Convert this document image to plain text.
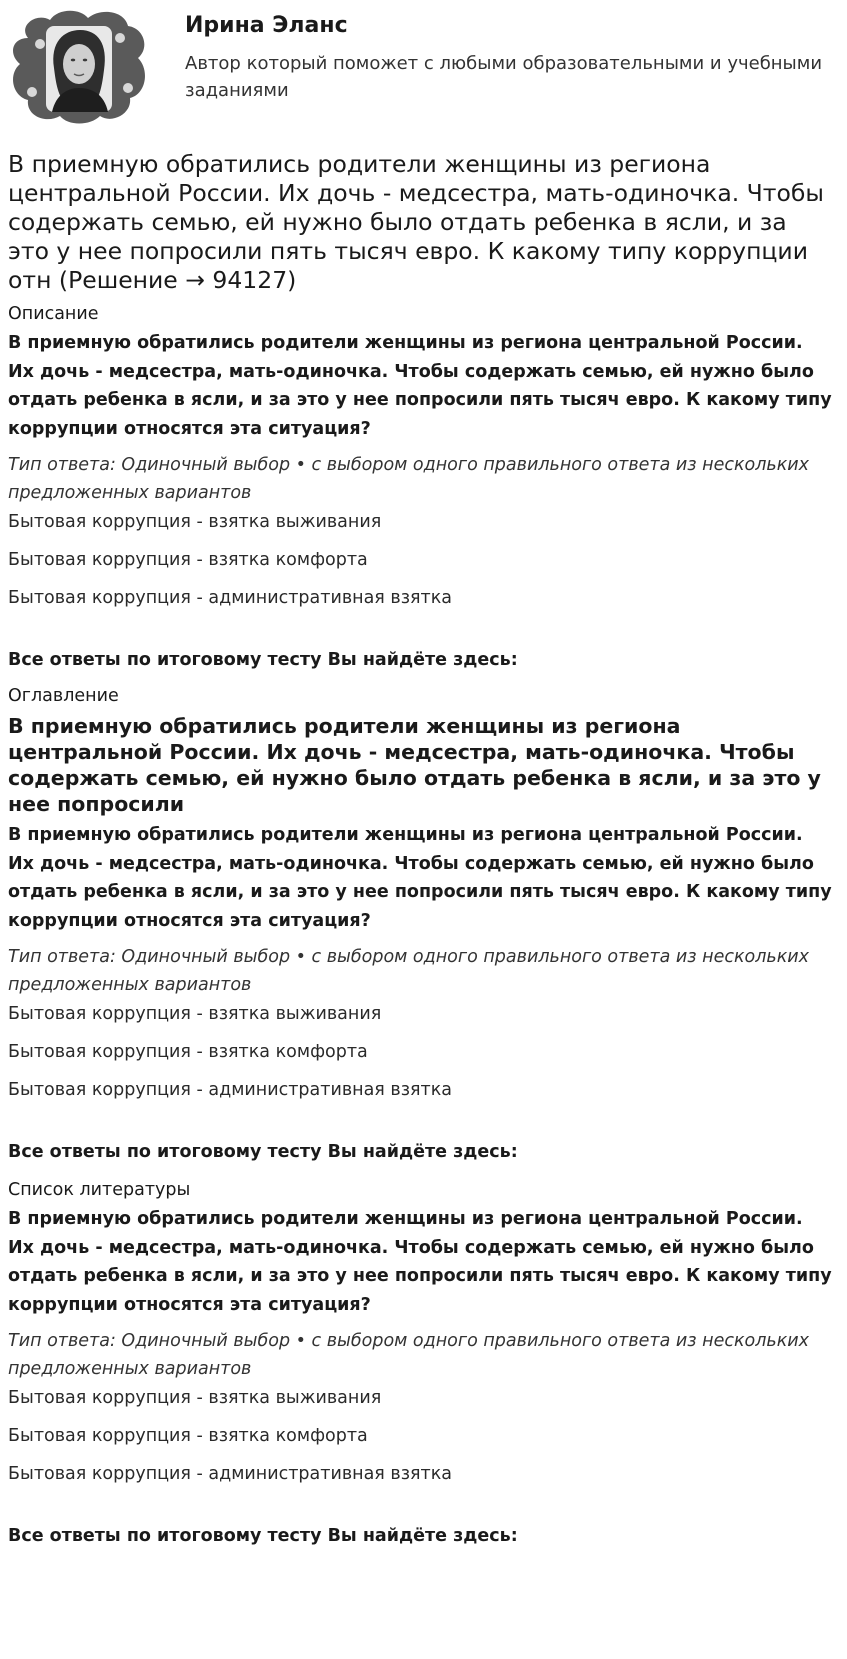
Ирина Эланс

Автор который поможет с любыми образовательными и учебными заданиями

В приемную обратились родители женщины из региона центральной России. Их дочь - медсестра, мать-одиночка. Чтобы содержать семью, ей нужно было отдать ребенка в ясли, и за это у нее попросили пять тысяч евро. К какому типу коррупции отн (Решение → 94127)

Описание

В приемную обратились родители женщины из региона центральной России. Их дочь - медсестра, мать-одиночка. Чтобы содержать семью, ей нужно было отдать ребенка в ясли, и за это у нее попросили пять тысяч евро. К какому типу коррупции относятся эта ситуация?

Тип ответа: Одиночный выбор • с выбором одного правильного ответа из нескольких предложенных вариантов

Бытовая коррупция - взятка выживания

Бытовая коррупция - взятка комфорта

Бытовая коррупция - административная взятка

Все ответы по итоговому тесту Вы найдёте здесь:

Оглавление

В приемную обратились родители женщины из региона центральной России. Их дочь - медсестра, мать-одиночка. Чтобы содержать семью, ей нужно было отдать ребенка в ясли, и за это у нее попросили

В приемную обратились родители женщины из региона центральной России. Их дочь - медсестра, мать-одиночка. Чтобы содержать семью, ей нужно было отдать ребенка в ясли, и за это у нее попросили пять тысяч евро. К какому типу коррупции относятся эта ситуация?

Тип ответа: Одиночный выбор • с выбором одного правильного ответа из нескольких предложенных вариантов

Бытовая коррупция - взятка выживания

Бытовая коррупция - взятка комфорта

Бытовая коррупция - административная взятка

Все ответы по итоговому тесту Вы найдёте здесь:

Список литературы

В приемную обратились родители женщины из региона центральной России. Их дочь - медсестра, мать-одиночка. Чтобы содержать семью, ей нужно было отдать ребенка в ясли, и за это у нее попросили пять тысяч евро. К какому типу коррупции относятся эта ситуация?

Тип ответа: Одиночный выбор • с выбором одного правильного ответа из нескольких предложенных вариантов

Бытовая коррупция - взятка выживания

Бытовая коррупция - взятка комфорта

Бытовая коррупция - административная взятка

Все ответы по итоговому тесту Вы найдёте здесь:
